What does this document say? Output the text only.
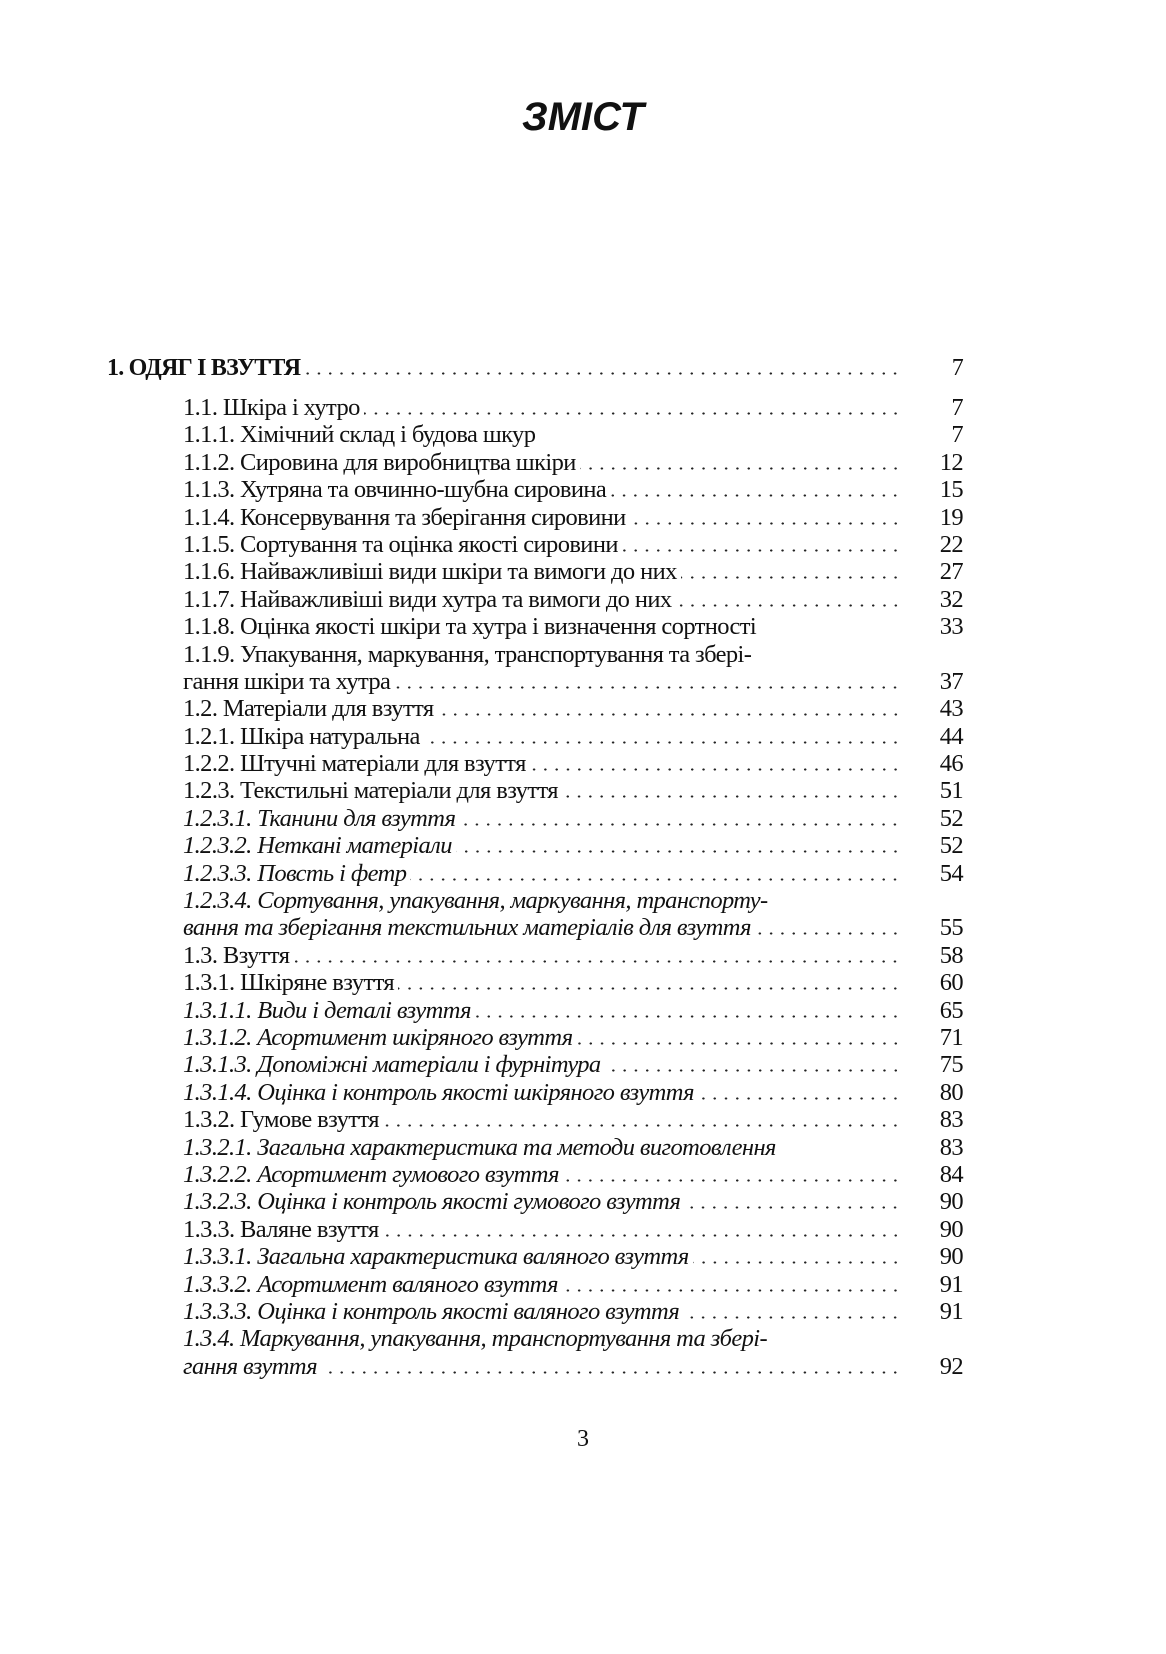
ЗМІСТ
1. ОДЯГ І ВЗУТТЯ	7
1.1. Шкіра і хутро	7
1.1.1. Хімічний склад і будова шкур	7
1.1.2. Сировина для виробництва шкіри	12
1.1.3. Хутряна та овчинно-шубна сировина	15
1.1.4. Консервування та зберігання сировини	19
1.1.5. Сортування та оцінка якості сировини	22
1.1.6. Найважливіші види шкіри та вимоги до них	27
1.1.7. Найважливіші види хутра та вимоги до них	32
1.1.8. Оцінка якості шкіри та хутра і визначення сортності	33
1.1.9. Упакування, маркування, транспортування та збері-
гання шкіри та хутра	37
1.2. Матеріали для взуття	43
1.2.1. Шкіра натуральна	44
1.2.2. Штучні матеріали для взуття	46
1.2.3. Текстильні матеріали для взуття	51
1.2.3.1. Тканини для взуття	52
1.2.3.2. Неткані матеріали	52
1.2.3.3. Повсть і фетр	54
1.2.3.4. Сортування, упакування, маркування, транспорту-
вання та зберігання текстильних матеріалів для взуття	55
1.3. Взуття	58
1.3.1. Шкіряне взуття	60
1.3.1.1. Види і деталі взуття	65
1.3.1.2. Асортимент шкіряного взуття	71
1.3.1.3. Допоміжні матеріали і фурнітура	75
1.3.1.4. Оцінка і контроль якості шкіряного взуття	80
1.3.2. Гумове взуття	83
1.3.2.1. Загальна характеристика та методи виготовлення	83
1.3.2.2. Асортимент гумового взуття	84
1.3.2.3. Оцінка і контроль якості гумового взуття	90
1.3.3. Валяне взуття	90
1.3.3.1. Загальна характеристика валяного взуття	90
1.3.3.2. Асортимент валяного взуття	91
1.3.3.3. Оцінка і контроль якості валяного взуття	91
1.3.4. Маркування, упакування, транспортування та збері-
гання взуття	92
3
